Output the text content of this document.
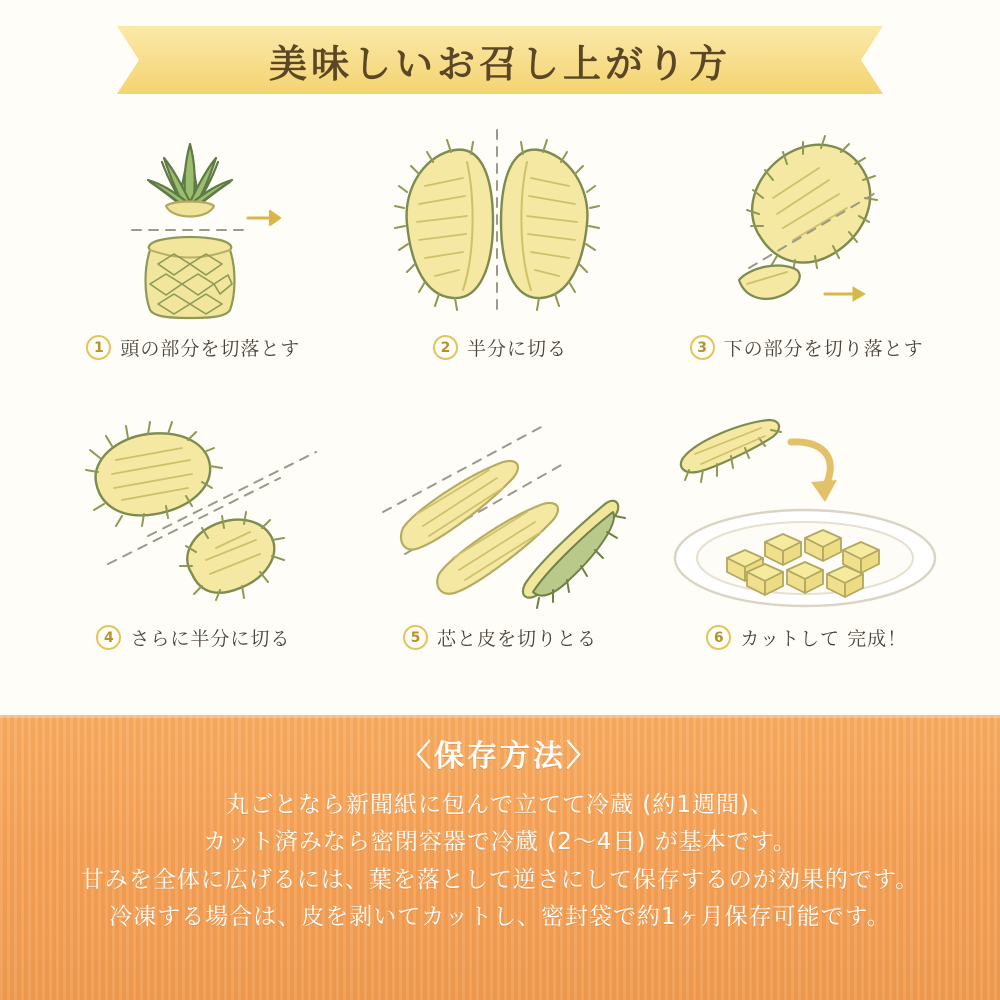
美味しいお召し上がり方
1 頭の部分を切落とす	2 半分に切る	3 下の部分を切り落とす
4 さらに半分に切る	5 芯と皮を切りとる	6 カットして 完成！
〈保存方法〉
丸ごとなら新聞紙に包んで立てて冷蔵 (約1週間)、
カット済みなら密閉容器で冷蔵 (2〜4日) が基本です。
甘みを全体に広げるには、葉を落として逆さにして保存するのが効果的です。
冷凍する場合は、皮を剥いてカットし、密封袋で約1ヶ月保存可能です。
